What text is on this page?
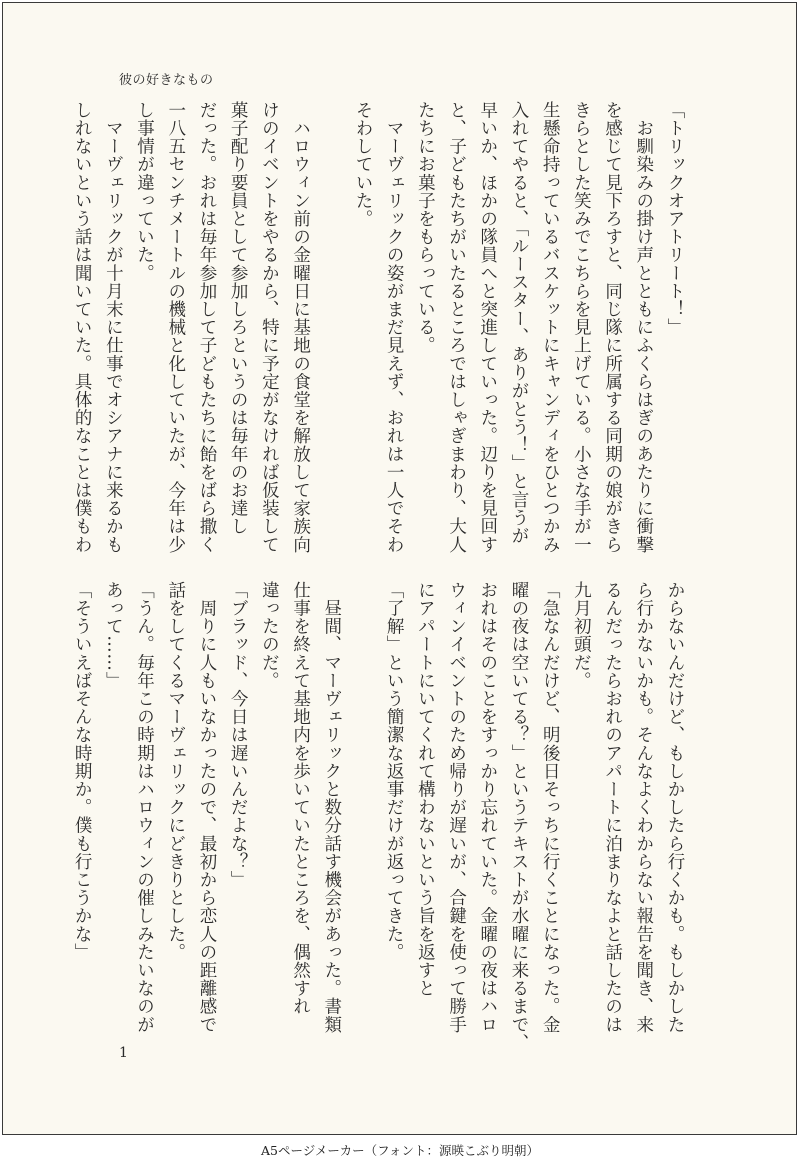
彼の好きなもの
「トリックオアトリート！」
　お馴染みの掛け声とともにふくらはぎのあたりに衝撃
を感じて見下ろすと、同じ隊に所属する同期の娘がきら
きらとした笑みでこちらを見上げている。小さな手が一
生懸命持っているバスケットにキャンディをひとつかみ
入れてやると、「ルースター、ありがとう！」と言うが
早いか、ほかの隊員へと突進していった。辺りを見回す
と、子どもたちがいたるところではしゃぎまわり、大人
たちにお菓子をもらっている。
　マーヴェリックの姿がまだ見えず、おれは一人でそわ
そわしていた。

　ハロウィン前の金曜日に基地の食堂を解放して家族向
けのイベントをやるから、特に予定がなければ仮装して
菓子配り要員として参加しろというのは毎年のお達し
だった。おれは毎年参加して子どもたちに飴をばら撒く
一八五センチメートルの機械と化していたが、今年は少
し事情が違っていた。
　マーヴェリックが十月末に仕事でオシアナに来るかも
しれないという話は聞いていた。具体的なことは僕もわ
からないんだけど、もしかしたら行くかも。もしかした
ら行かないかも。そんなよくわからない報告を聞き、来
るんだったらおれのアパートに泊まりなよと話したのは
九月初頭だ。
「急なんだけど、明後日そっちに行くことになった。金
曜の夜は空いてる？」というテキストが水曜に来るまで、
おれはそのことをすっかり忘れていた。金曜の夜はハロ
ウィンイベントのため帰りが遅いが、合鍵を使って勝手
にアパートにいてくれて構わないという旨を返すと
「了解」という簡潔な返事だけが返ってきた。

　昼間、マーヴェリックと数分話す機会があった。書類
仕事を終えて基地内を歩いていたところを、偶然すれ
違ったのだ。
「ブラッド、今日は遅いんだよな？」
　周りに人もいなかったので、最初から恋人の距離感で
話をしてくるマーヴェリックにどきりとした。
「うん。毎年この時期はハロウィンの催しみたいなのが
あって……」
「そういえばそんな時期か。僕も行こうかな」
1
A5ページメーカー（フォント：源暎こぶり明朝）
